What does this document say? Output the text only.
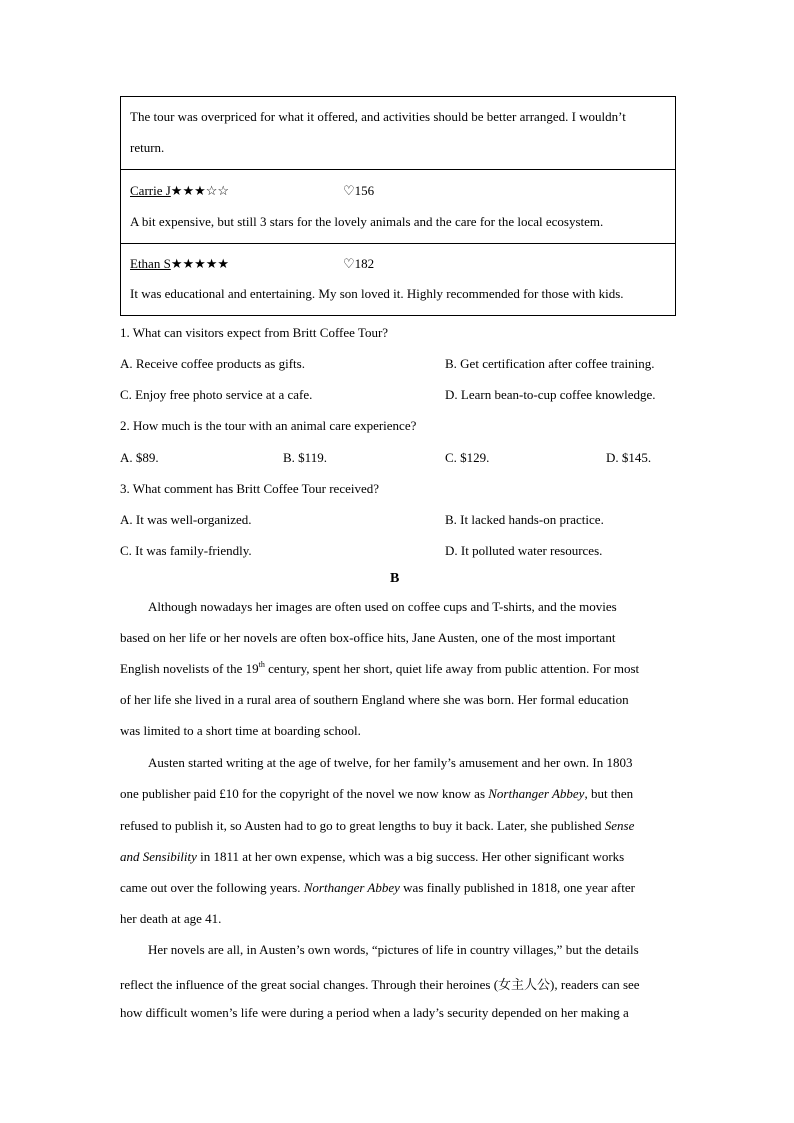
The tour was overpriced for what it offered, and activities should be better arranged. I wouldn’t
return.
Carrie J★★★☆☆	♡156
A bit expensive, but still 3 stars for the lovely animals and the care for the local ecosystem.
Ethan S★★★★★	♡182
It was educational and entertaining. My son loved it. Highly recommended for those with kids.
1. What can visitors expect from Britt Coffee Tour?
A. Receive coffee products as gifts.	B. Get certification after coffee training.
C. Enjoy free photo service at a cafe.	D. Learn bean-to-cup coffee knowledge.
2. How much is the tour with an animal care experience?
A. $89.	B. $119.	C. $129.	D. $145.
3. What comment has Britt Coffee Tour received?
A. It was well-organized.	B. It lacked hands-on practice.
C. It was family-friendly.	D. It polluted water resources.
B
Although nowadays her images are often used on coffee cups and T-shirts, and the movies
based on her life or her novels are often box-office hits, Jane Austen, one of the most important
English novelists of the 19th century, spent her short, quiet life away from public attention. For most
of her life she lived in a rural area of southern England where she was born. Her formal education
was limited to a short time at boarding school.
Austen started writing at the age of twelve, for her family’s amusement and her own. In 1803
one publisher paid £10 for the copyright of the novel we now know as Northanger Abbey, but then
refused to publish it, so Austen had to go to great lengths to buy it back. Later, she published Sense
and Sensibility in 1811 at her own expense, which was a big success. Her other significant works
came out over the following years. Northanger Abbey was finally published in 1818, one year after
her death at age 41.
Her novels are all, in Austen’s own words, “pictures of life in country villages,” but the details
reflect the influence of the great social changes. Through their heroines (女主人公), readers can see
how difficult women’s life were during a period when a lady’s security depended on her making a
